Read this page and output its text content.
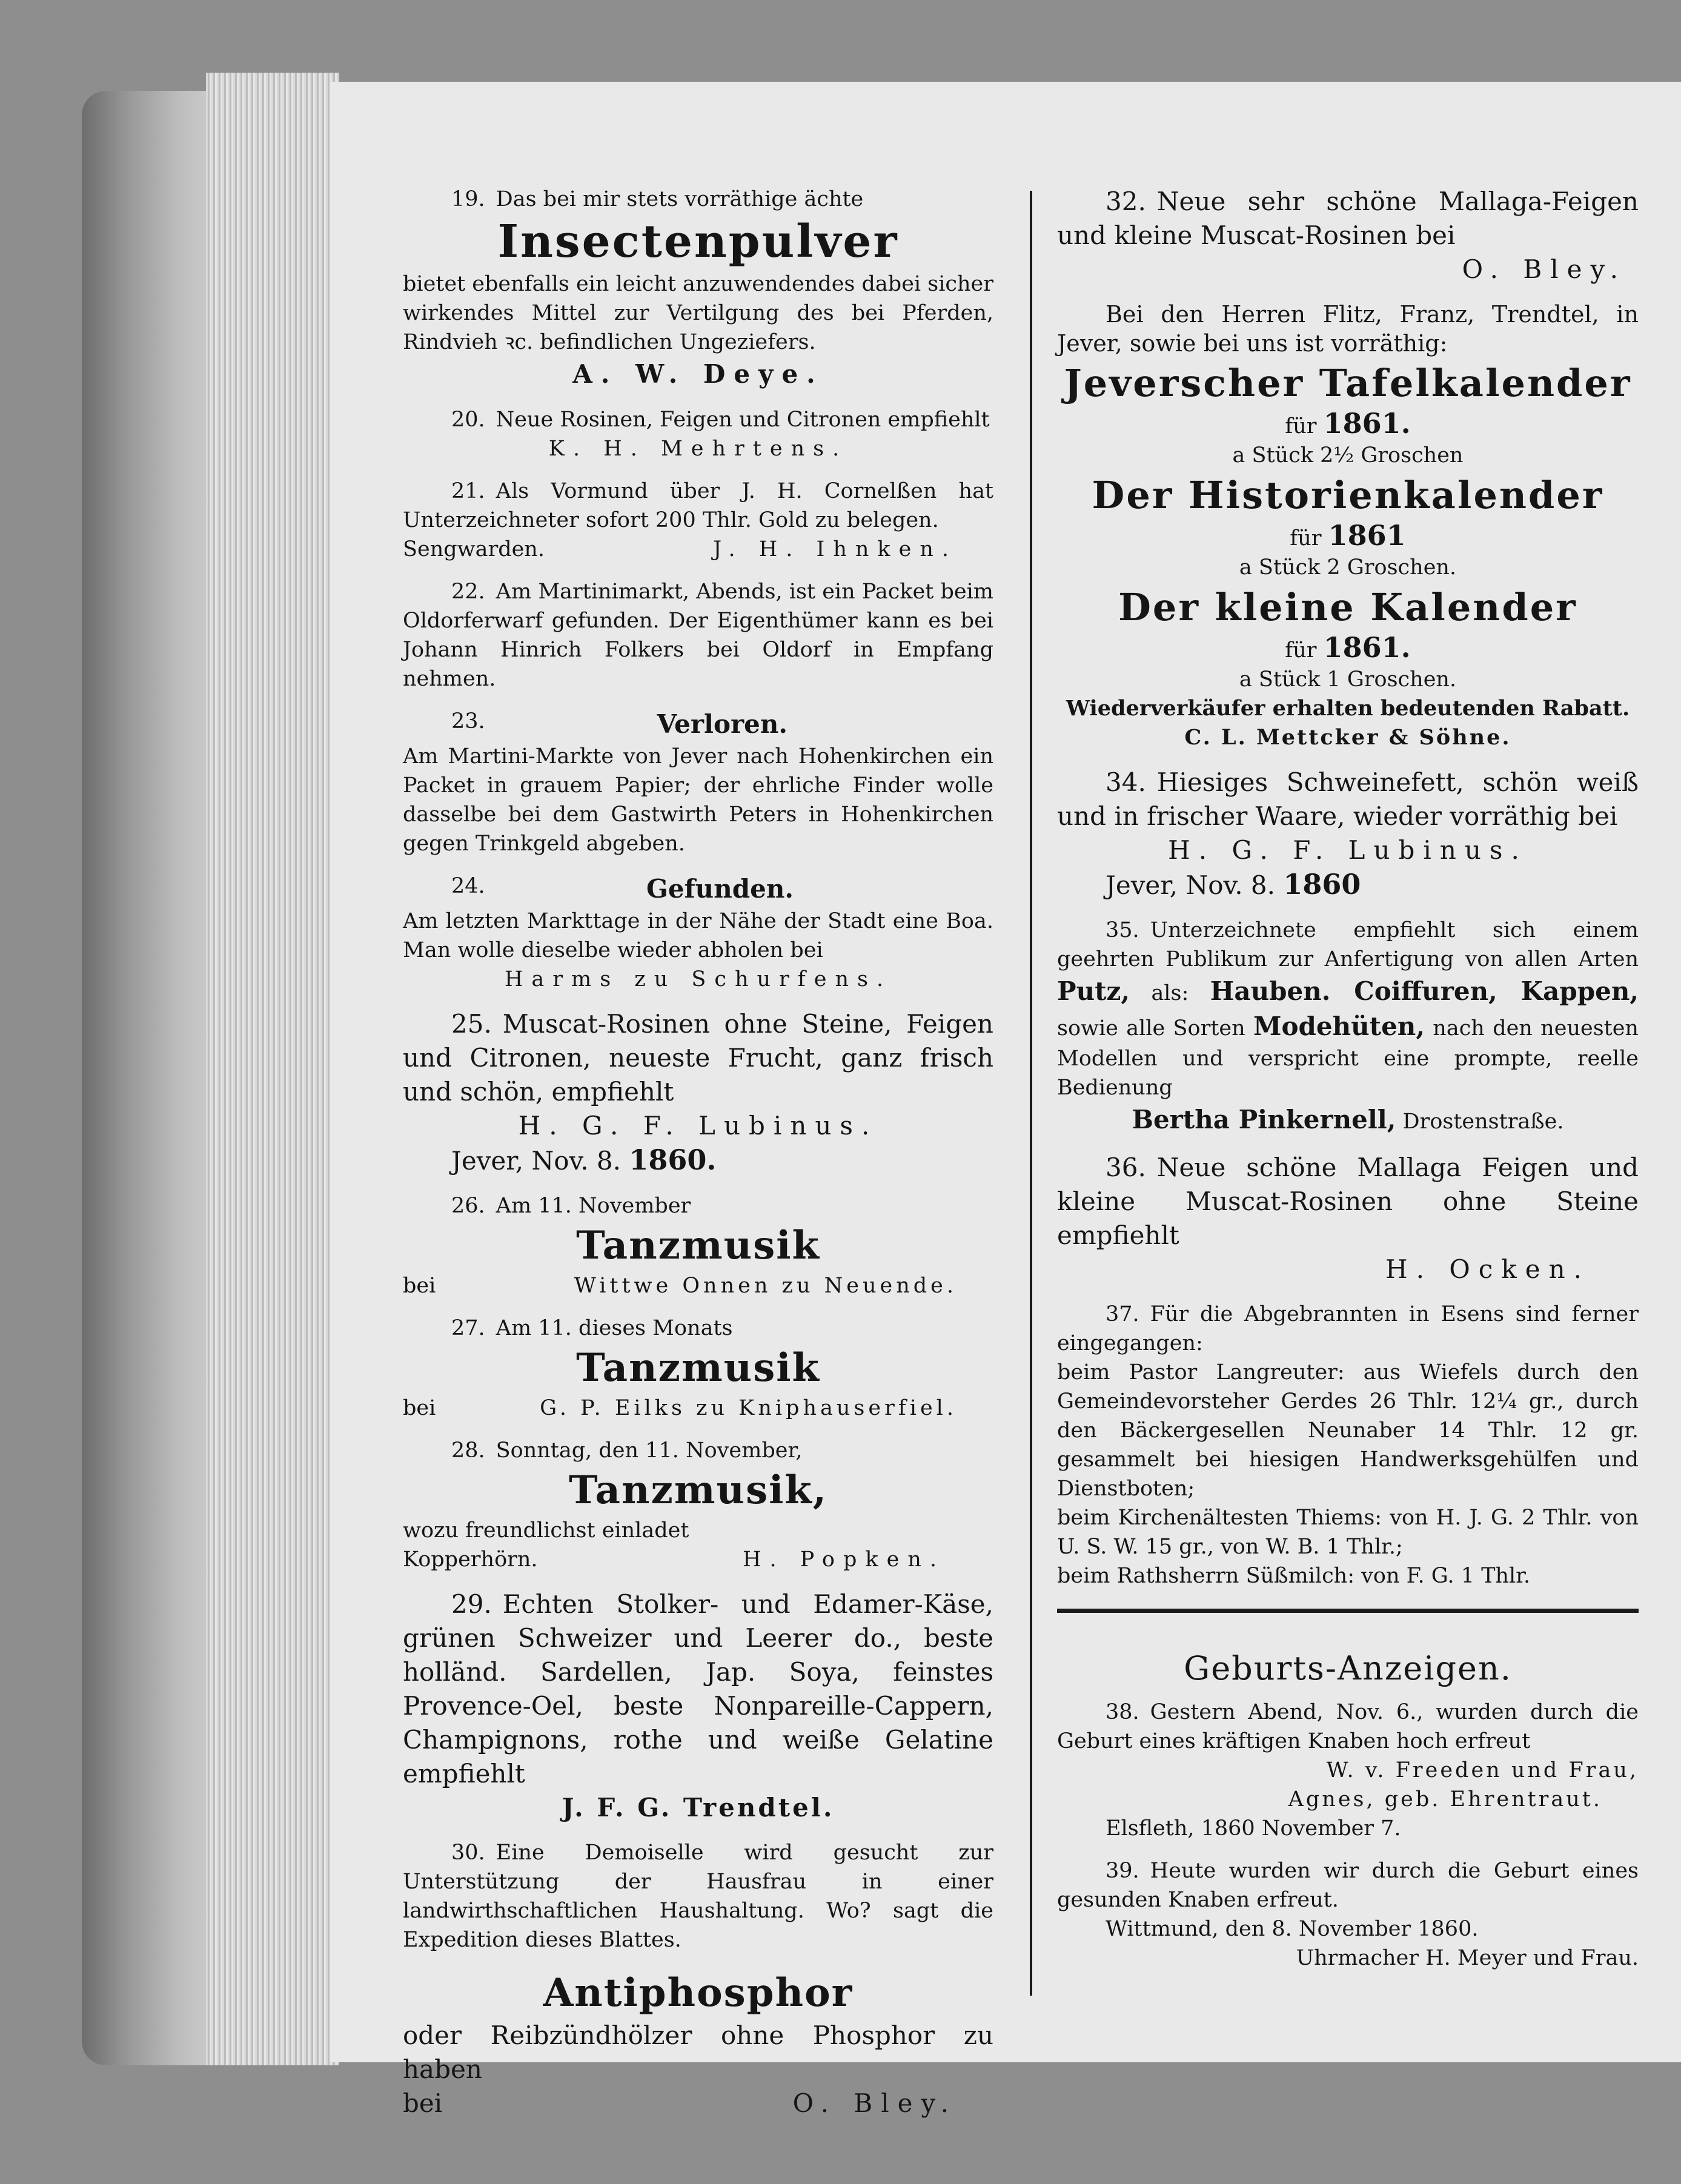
19. Das bei mir stets vorräthige ächte

Insectenpulver

bietet ebenfalls ein leicht anzuwendendes dabei sicher wirkendes Mittel zur Vertilgung des bei Pferden, Rindvieh ꝛc. befindlichen Ungeziefers.

A. W. Deye.

20. Neue Rosinen, Feigen und Citronen empfiehlt

K. H. Mehrtens.

21. Als Vormund über J. H. Cornelßen hat Unterzeichneter sofort 200 Thlr. Gold zu belegen.

Sengwarden.	J. H. Ihnken.

22. Am Martinimarkt, Abends, ist ein Packet beim Oldorferwarf gefunden. Der Eigenthümer kann es bei Johann Hinrich Folkers bei Oldorf in Empfang nehmen.

23.	Verloren.

Am Martini-Markte von Jever nach Hohenkirchen ein Packet in grauem Papier; der ehrliche Finder wolle dasselbe bei dem Gastwirth Peters in Hohenkirchen gegen Trinkgeld abgeben.

24.	Gefunden.

Am letzten Markttage in der Nähe der Stadt eine Boa. Man wolle dieselbe wieder abholen bei

Harms zu Schurfens.

25. Muscat-Rosinen ohne Steine, Feigen und Citronen, neueste Frucht, ganz frisch und schön, empfiehlt

H. G. F. Lubinus.

Jever, Nov. 8. 1860.

26. Am 11. November

Tanzmusik

bei	Wittwe Onnen zu Neuende.

27. Am 11. dieses Monats

Tanzmusik

bei	G. P. Eilks zu Kniphauserfiel.

28. Sonntag, den 11. November,

Tanzmusik,

wozu freundlichst einladet

Kopperhörn.	H. Popken.

29. Echten Stolker- und Edamer-Käse, grünen Schweizer und Leerer do., beste holländ. Sardellen, Jap. Soya, feinstes Provence-Oel, beste Nonpareille-Cappern, Champignons, rothe und weiße Gelatine empfiehlt

J. F. G. Trendtel.

30. Eine Demoiselle wird gesucht zur Unterstützung der Hausfrau in einer landwirthschaftlichen Haushaltung. Wo? sagt die Expedition dieses Blattes.

Antiphosphor

oder Reibzündhölzer ohne Phosphor zu haben

bei	O. Bley.

32. Neue sehr schöne Mallaga-Feigen und kleine Muscat-Rosinen bei

O. Bley.

Bei den Herren Flitz, Franz, Trendtel, in Jever, sowie bei uns ist vorräthig:

Jeverscher Tafelkalender

für 1861.

a Stück 2½ Groschen

Der Historienkalender

für 1861

a Stück 2 Groschen.

Der kleine Kalender

für 1861.

a Stück 1 Groschen.

Wiederverkäufer erhalten bedeutenden Rabatt.

C. L. Mettcker & Söhne.

34. Hiesiges Schweinefett, schön weiß und in frischer Waare, wieder vorräthig bei

H. G. F. Lubinus.

Jever, Nov. 8. 1860

35. Unterzeichnete empfiehlt sich einem geehrten Publikum zur Anfertigung von allen Arten Putz, als: Hauben. Coiffuren, Kappen, sowie alle Sorten Modehüten, nach den neuesten Modellen und verspricht eine prompte, reelle Bedienung

Bertha Pinkernell, Drostenstraße.

36. Neue schöne Mallaga Feigen und kleine Muscat-Rosinen ohne Steine empfiehlt

H. Ocken.

37. Für die Abgebrannten in Esens sind ferner eingegangen:

beim Pastor Langreuter: aus Wiefels durch den Gemeindevorsteher Gerdes 26 Thlr. 12¼ gr., durch den Bäckergesellen Neunaber 14 Thlr. 12 gr. gesammelt bei hiesigen Handwerksgehülfen und Dienstboten;

beim Kirchenältesten Thiems: von H. J. G. 2 Thlr. von U. S. W. 15 gr., von W. B. 1 Thlr.;

beim Rathsherrn Süßmilch: von F. G. 1 Thlr.

Geburts-Anzeigen.

38. Gestern Abend, Nov. 6., wurden durch die Geburt eines kräftigen Knaben hoch erfreut

W. v. Freeden und Frau,

Agnes, geb. Ehrentraut.

Elsfleth, 1860 November 7.

39. Heute wurden wir durch die Geburt eines gesunden Knaben erfreut.

Wittmund, den 8. November 1860.

Uhrmacher H. Meyer und Frau.
